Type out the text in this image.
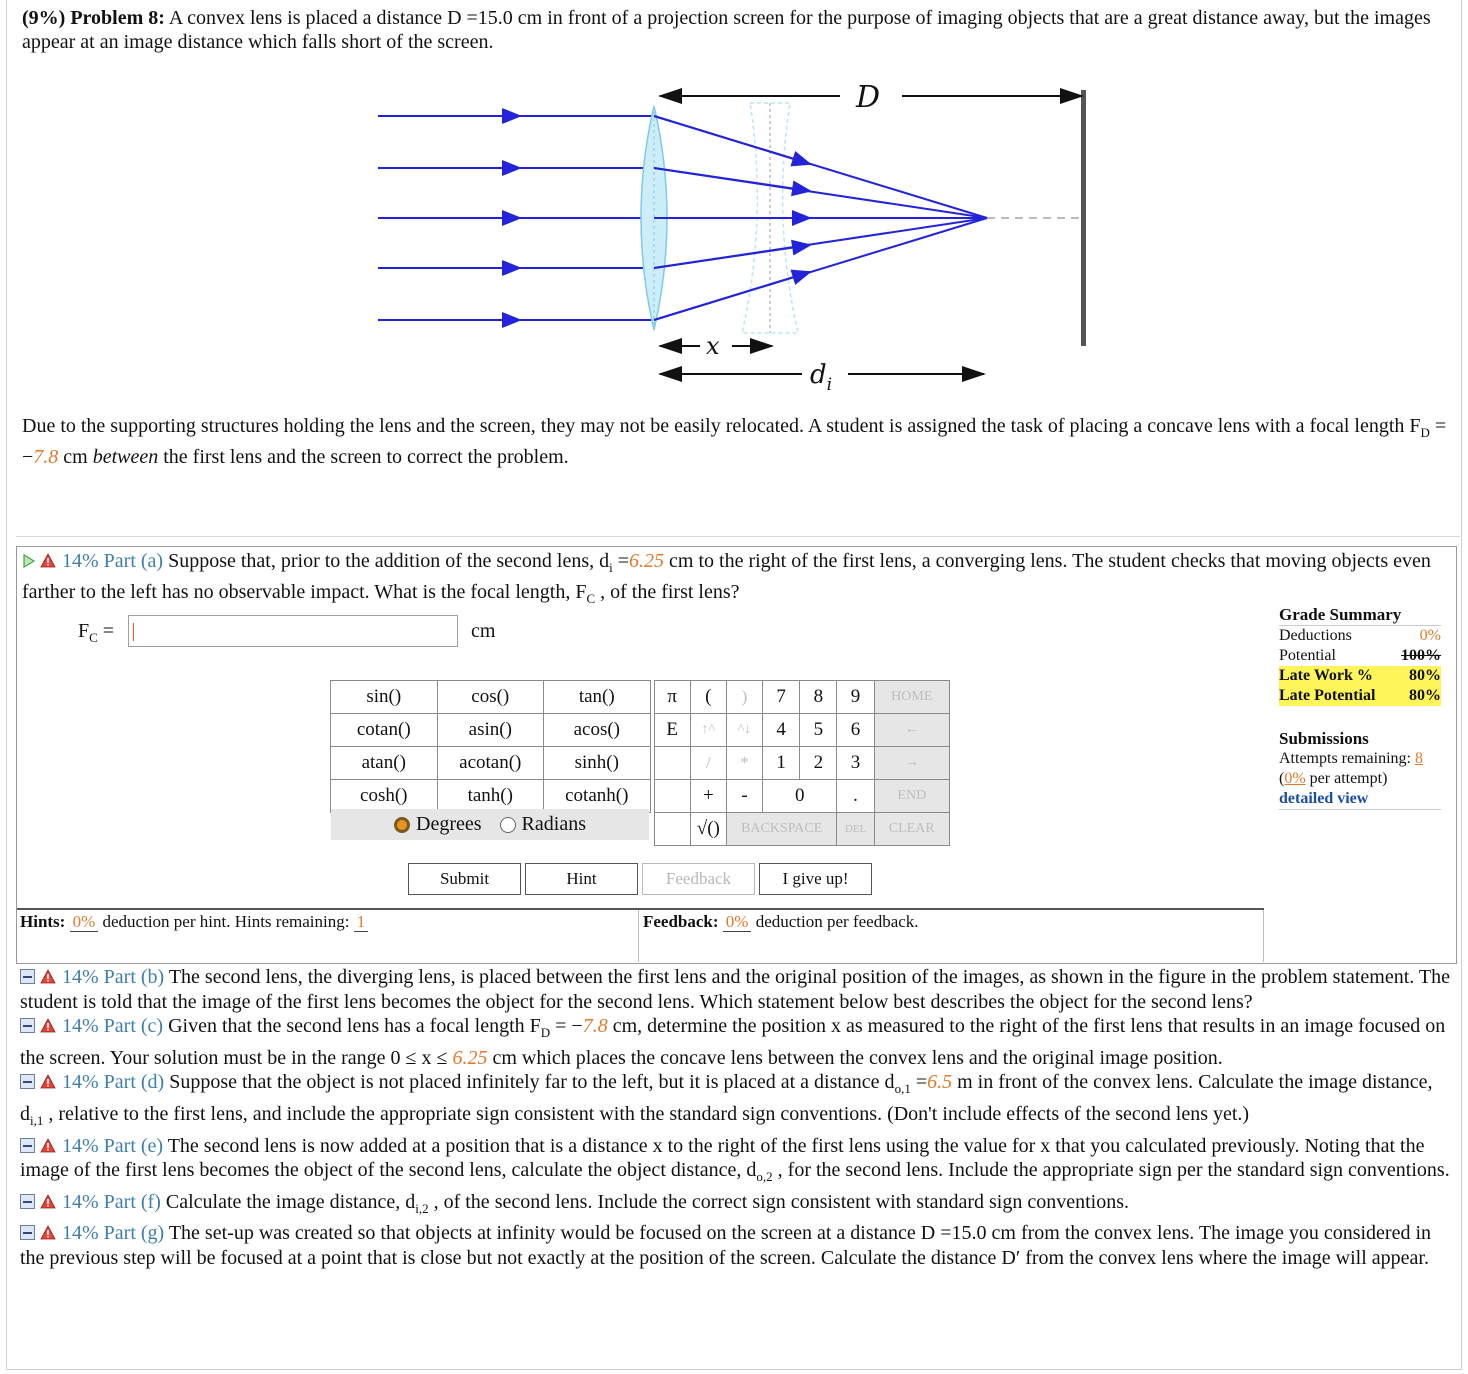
(9%) Problem 8: A convex lens is placed a distance D =15.0 cm in front of a projection screen for the purpose of imaging objects that are a great distance away, but the images appear at an image distance which falls short of the screen.
D
x
$d_i$
Due to the supporting structures holding the lens and the screen, they may not be easily relocated. A student is assigned the task of placing a concave lens with a focal length $F_D = -7.8$ cm between the first lens and the screen to correct the problem.
14% Part (a) Suppose that, prior to the addition of the second lens, $d_i =6.25$ cm to the right of the first lens, a converging lens. The student checks that moving objects even farther to the left has no observable impact. What is the focal length, $F_C$ , of the first lens?
$F_C$ =	cm
Grade Summary
Deductions	0%
Potential	100%
Late Work % 80%
Late Potential 80%
Submissions
Attempts remaining: 8
(0% per attempt)
detailed view
sin()	cos()	tan()		π	(	)	7	8	9	HOME
cotan()	asin()	acos()		E	↑^	^↓	4	5	6	←
atan()	acotan()	sinh()			/	*	1	2	3	→
cosh()	tanh()	cotanh()			+	-	0		.	END
					√()	BACKSPACE			DEL	CLEAR
Degrees Radians
Submit	Hint	Feedback	I give up!
Hints: 0% deduction per hint. Hints remaining: 1	Feedback: 0% deduction per feedback.

14% Part (b) The second lens, the diverging lens, is placed between the first lens and the original position of the images, as shown in the figure in the problem statement. The student is told that the image of the first lens becomes the object for the second lens. Which statement below best describes the object for the second lens?

14% Part (c) Given that the second lens has a focal length $F_D = -7.8$ cm, determine the position x as measured to the right of the first lens that results in an image focused on the screen. Your solution must be in the range 0 ≤ x ≤ 6.25 cm which places the concave lens between the convex lens and the original image position.

14% Part (d) Suppose that the object is not placed infinitely far to the left, but it is placed at a distance $d_{o,1} =6.5$ m in front of the convex lens. Calculate the image distance, $d_{i,1}$ , relative to the first lens, and include the appropriate sign consistent with the standard sign conventions. (Don't include effects of the second lens yet.)

14% Part (e) The second lens is now added at a position that is a distance x to the right of the first lens using the value for x that you calculated previously. Noting that the image of the first lens becomes the object of the second lens, calculate the object distance, $d_{o,2}$ , for the second lens. Include the appropriate sign per the standard sign conventions.

14% Part (f) Calculate the image distance, $d_{i,2}$ , of the second lens. Include the correct sign consistent with standard sign conventions.

14% Part (g) The set-up was created so that objects at infinity would be focused on the screen at a distance D =15.0 cm from the convex lens. The image you considered in the previous step will be focused at a point that is close but not exactly at the position of the screen. Calculate the distance D′ from the convex lens where the image will appear.
